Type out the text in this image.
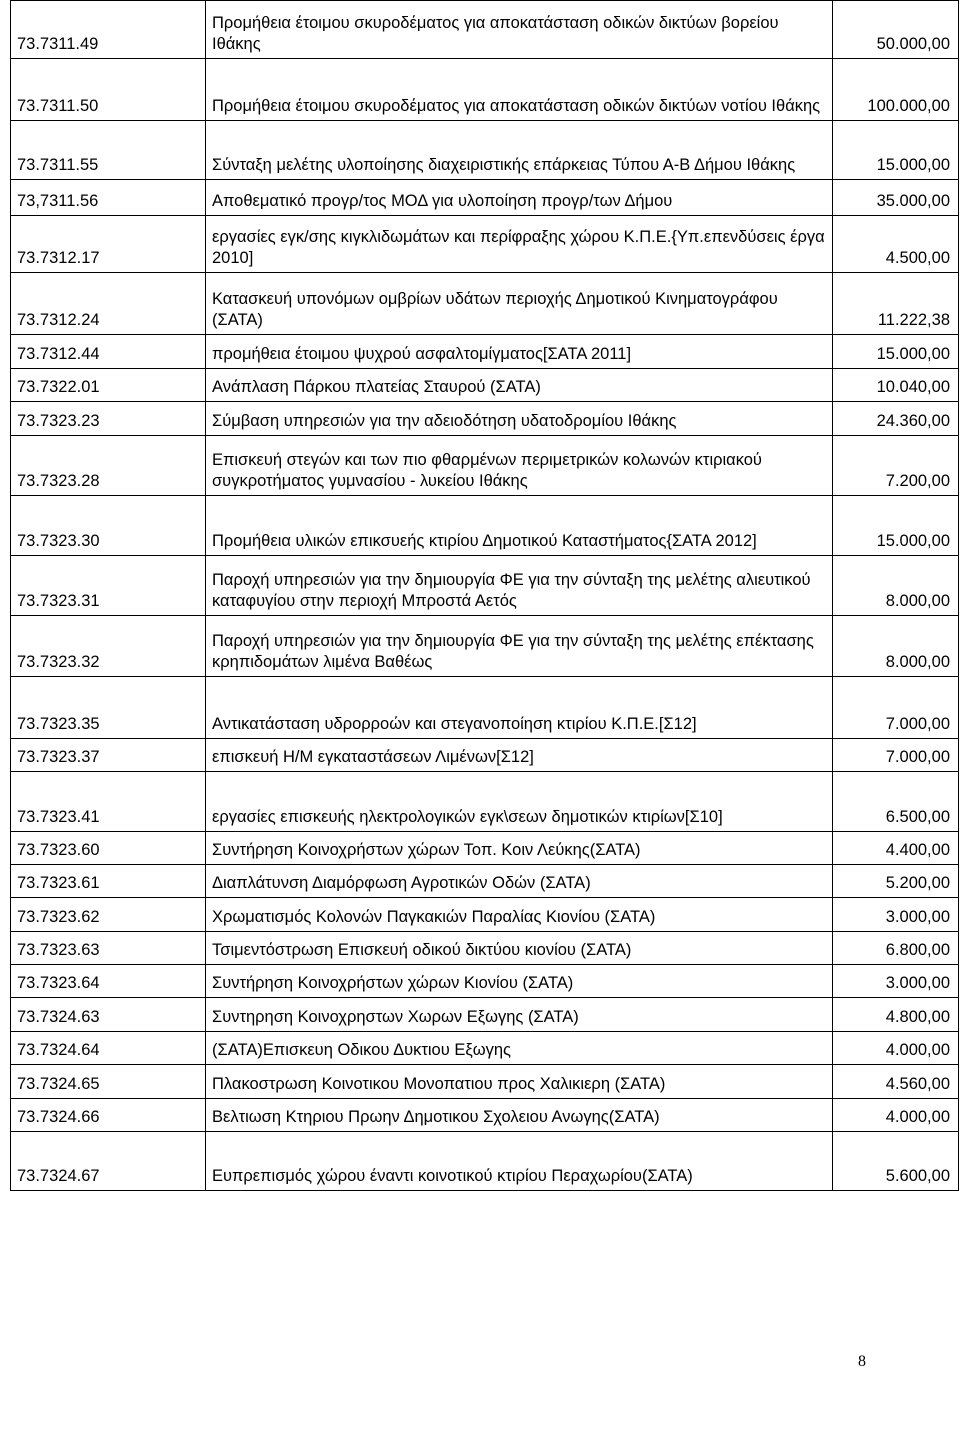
73.7311.49	Προμήθεια έτοιμου σκυροδέματος για αποκατάσταση οδικών δικτύων βορείου Ιθάκης	50.000,00
73.7311.50	Προμήθεια έτοιμου σκυροδέματος για αποκατάσταση οδικών δικτύων νοτίου Ιθάκης	100.000,00
73.7311.55	Σύνταξη μελέτης υλοποίησης διαχειριστικής επάρκειας Τύπου Α-Β Δήμου Ιθάκης	15.000,00
73,7311.56	Αποθεματικό προγρ/τος ΜΟΔ για υλοποίηση προγρ/των Δήμου	35.000,00
73.7312.17	εργασίες εγκ/σης κιγκλιδωμάτων και περίφραξης χώρου Κ.Π.Ε.{Υπ.επενδύσεις έργα 2010]	4.500,00
73.7312.24	Κατασκευή υπονόμων ομβρίων υδάτων περιοχής Δημοτικού Κινηματογράφου (ΣΑΤΑ)	11.222,38
73.7312.44	προμήθεια έτοιμου ψυχρού ασφαλτομίγματος[ΣΑΤΑ 2011]	15.000,00
73.7322.01	Ανάπλαση Πάρκου πλατείας Σταυρού (ΣΑΤΑ)	10.040,00
73.7323.23	Σύμβαση υπηρεσιών για την αδειοδότηση υδατοδρομίου Ιθάκης	24.360,00
73.7323.28	Επισκευή στεγών και των πιο φθαρμένων περιμετρικών κολωνών κτιριακού συγκροτήματος γυμνασίου - λυκείου Ιθάκης	7.200,00
73.7323.30	Προμήθεια υλικών επικσυεής κτιρίου Δημοτικού Καταστήματος{ΣΑΤΑ 2012]	15.000,00
73.7323.31	Παροχή υπηρεσιών για την δημιουργία ΦΕ για την σύνταξη της μελέτης αλιευτικού καταφυγίου στην περιοχή Μπροστά Αετός	8.000,00
73.7323.32	Παροχή υπηρεσιών για την δημιουργία ΦΕ για την σύνταξη της μελέτης επέκτασης κρηπιδομάτων λιμένα Βαθέως	8.000,00
73.7323.35	Αντικατάσταση υδρορροών και στεγανοποίηση κτιρίου Κ.Π.Ε.[Σ12]	7.000,00
73.7323.37	επισκευή Η/Μ εγκαταστάσεων Λιμένων[Σ12]	7.000,00
73.7323.41	εργασίες επισκευής ηλεκτρολογικών εγκ\σεων δημοτικών κτιρίων[Σ10]	6.500,00
73.7323.60	Συντήρηση Κοινοχρήστων χώρων Τοπ. Κοιν Λεύκης(ΣΑΤΑ)	4.400,00
73.7323.61	Διαπλάτυνση Διαμόρφωση Αγροτικών Οδών (ΣΑΤΑ)	5.200,00
73.7323.62	Χρωματισμός Κολονών Παγκακιών Παραλίας Κιονίου (ΣΑΤΑ)	3.000,00
73.7323.63	Τσιμεντόστρωση Επισκευή οδικού δικτύου κιονίου (ΣΑΤΑ)	6.800,00
73.7323.64	Συντήρηση Κοινοχρήστων χώρων Κιονίου (ΣΑΤΑ)	3.000,00
73.7324.63	Συντηρηση Κοινοχρηστων Χωρων Εξωγης (ΣΑΤΑ)	4.800,00
73.7324.64	(ΣΑΤΑ)Επισκευη Οδικου Δυκτιου Εξωγης	4.000,00
73.7324.65	Πλακοστρωση Κοινοτικου Μονοπατιου προς Χαλικιερη (ΣΑΤΑ)	4.560,00
73.7324.66	Βελτιωση Κτηριου Πρωην Δημοτικου Σχολειου Ανωγης(ΣΑΤΑ)	4.000,00
73.7324.67	Ευπρεπισμός χώρου έναντι κοινοτικού κτιρίου Περαχωρίου(ΣΑΤΑ)	5.600,00
8
